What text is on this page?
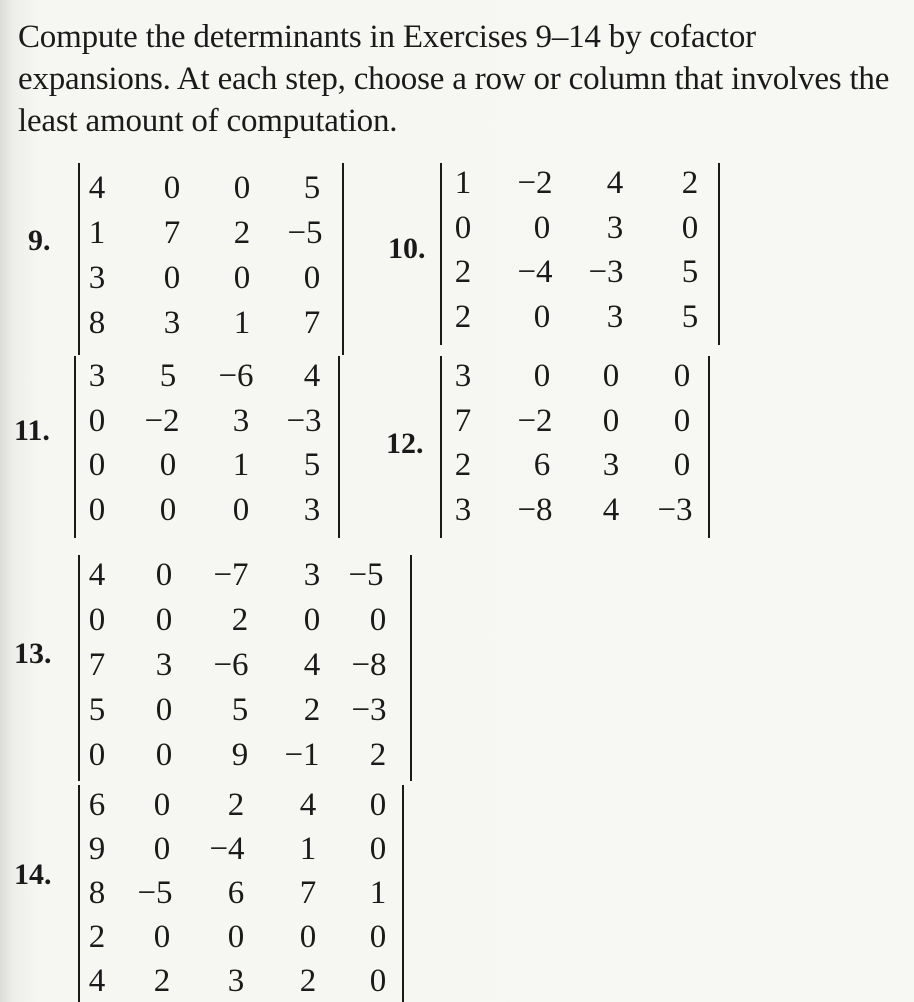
Compute the determinants in Exercises 9–14 by cofactor expansions. At each step, choose a row or column that involves the least amount of computation.

9.
4 0 0 5
1 7 2 −5
3 0 0 0
8 3 1 7
10.
1 −2 4 2
0 0 3 0
2 −4 −3 5
2 0 3 5
11.
3 5 −6 4
0 −2 3 −3
0 0 1 5
0 0 0 3
12.
3 0 0 0
7 −2 0 0
2 6 3 0
3 −8 4 −3
13.
4 0 −7 3 −5
0 0 2 0 0
7 3 −6 4 −8
5 0 5 2 −3
0 0 9 −1 2
14.
6 0 2 4 0
9 0 −4 1 0
8 −5 6 7 1
2 0 0 0 0
4 2 3 2 0
